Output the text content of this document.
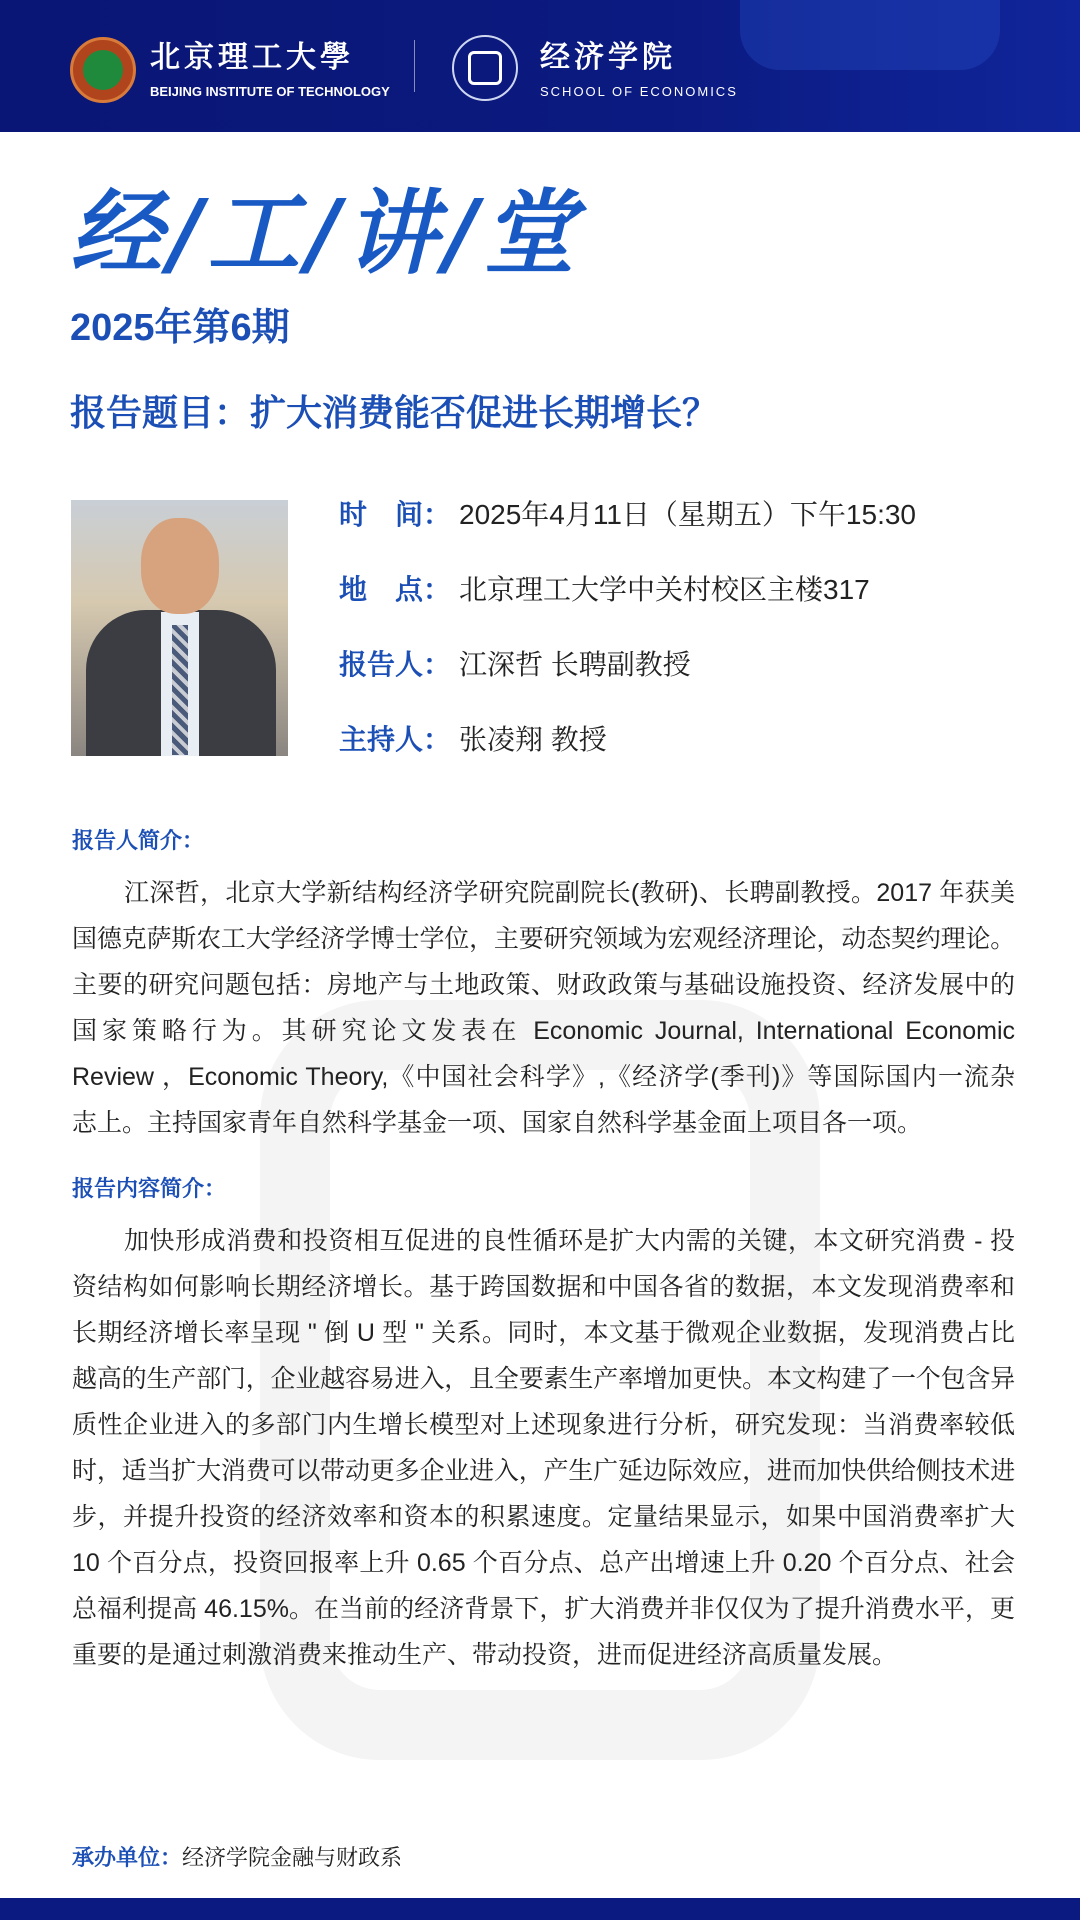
北京理工大學
BEIJING INSTITUTE OF TECHNOLOGY
经济学院
SCHOOL OF ECONOMICS
经/工/讲/堂
2025年第6期
报告题目：扩大消费能否促进长期增长？
时　间： 2025年4月11日（星期五）下午15:30
地　点： 北京理工大学中关村校区主楼317
报告人： 江深哲 长聘副教授
主持人： 张凌翔 教授
报告人简介：
江深哲，北京大学新结构经济学研究院副院长(教研)、长聘副教授。2017 年获美
国德克萨斯农工大学经济学博士学位，主要研究领域为宏观经济理论，动态契约理论。
主要的研究问题包括：房地产与土地政策、财政政策与基础设施投资、经济发展中的
国家策略行为。其研究论文发表在 Economic Journal, International Economic
Review ，Economic Theory,《中国社会科学》,《经济学(季刊)》等国际国内一流杂
志上。主持国家青年自然科学基金一项、国家自然科学基金面上项目各一项。
报告内容简介：
加快形成消费和投资相互促进的良性循环是扩大内需的关键，本文研究消费 - 投
资结构如何影响长期经济增长。基于跨国数据和中国各省的数据，本文发现消费率和
长期经济增长率呈现 " 倒 U 型 " 关系。同时，本文基于微观企业数据，发现消费占比
越高的生产部门，企业越容易进入，且全要素生产率增加更快。本文构建了一个包含异
质性企业进入的多部门内生增长模型对上述现象进行分析，研究发现：当消费率较低
时，适当扩大消费可以带动更多企业进入，产生广延边际效应，进而加快供给侧技术进
步，并提升投资的经济效率和资本的积累速度。定量结果显示，如果中国消费率扩大
10 个百分点，投资回报率上升 0.65 个百分点、总产出增速上升 0.20 个百分点、社会
总福利提高 46.15%。在当前的经济背景下，扩大消费并非仅仅为了提升消费水平，更
重要的是通过刺激消费来推动生产、带动投资，进而促进经济高质量发展。
承办单位：经济学院金融与财政系
